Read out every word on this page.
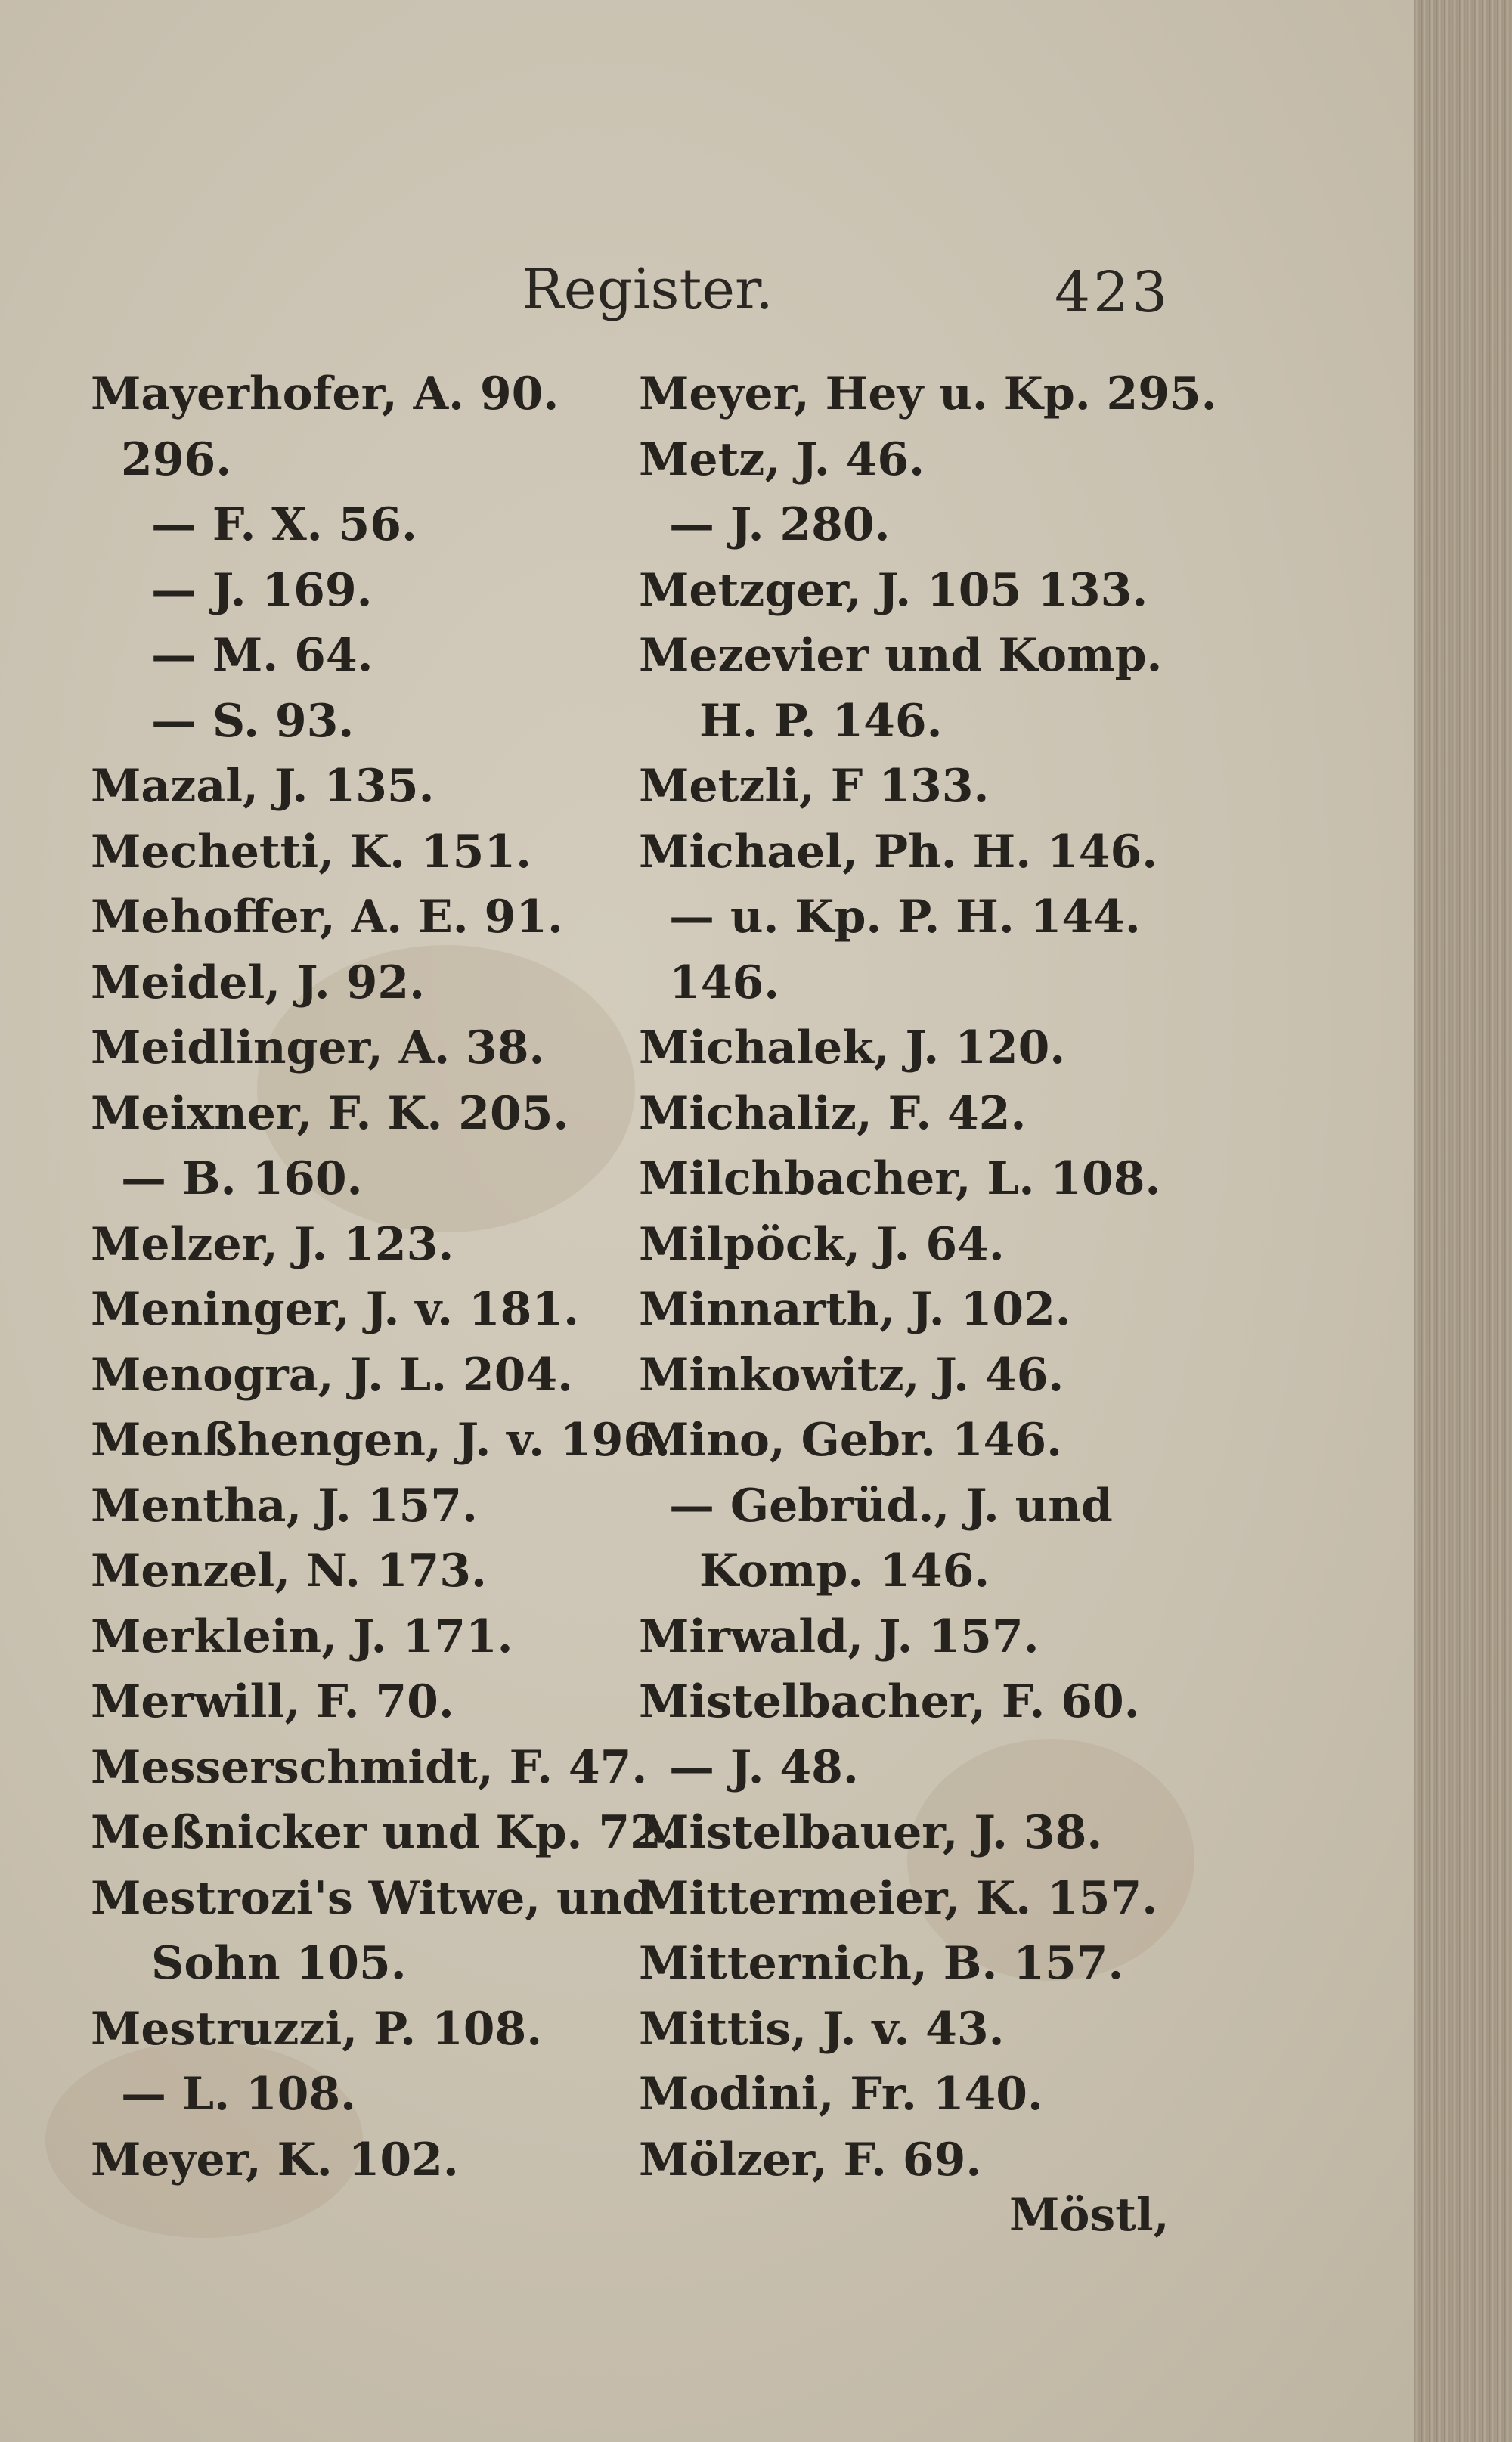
Register.	423
Mayerhofer, A. 90.
296.
— F. X. 56.
— J. 169.
— M. 64.
— S. 93.
Mazal, J. 135.
Mechetti, K. 151.
Mehoffer, A. E. 91.
Meidel, J. 92.
Meidlinger, A. 38.
Meixner, F. K. 205.
— B. 160.
Melzer, J. 123.
Meninger, J. v. 181.
Menogra, J. L. 204.
Menßhengen, J. v. 196.
Mentha, J. 157.
Menzel, N. 173.
Merklein, J. 171.
Merwill, F. 70.
Messerschmidt, F. 47.
Meßnicker und Kp. 72.
Mestrozi's Witwe, und
Sohn 105.
Mestruzzi, P. 108.
— L. 108.
Meyer, K. 102.
Meyer, Hey u. Kp. 295.
Metz, J. 46.
— J. 280.
Metzger, J. 105 133.
Mezevier und Komp.
H. P. 146.
Metzli, F 133.
Michael, Ph. H. 146.
— u. Kp. P. H. 144.
146.
Michalek, J. 120.
Michaliz, F. 42.
Milchbacher, L. 108.
Milpöck, J. 64.
Minnarth, J. 102.
Minkowitz, J. 46.
Mino, Gebr. 146.
— Gebrüd., J. und
Komp. 146.
Mirwald, J. 157.
Mistelbacher, F. 60.
— J. 48.
Mistelbauer, J. 38.
Mittermeier, K. 157.
Mitternich, B. 157.
Mittis, J. v. 43.
Modini, Fr. 140.
Mölzer, F. 69.
Möstl,
